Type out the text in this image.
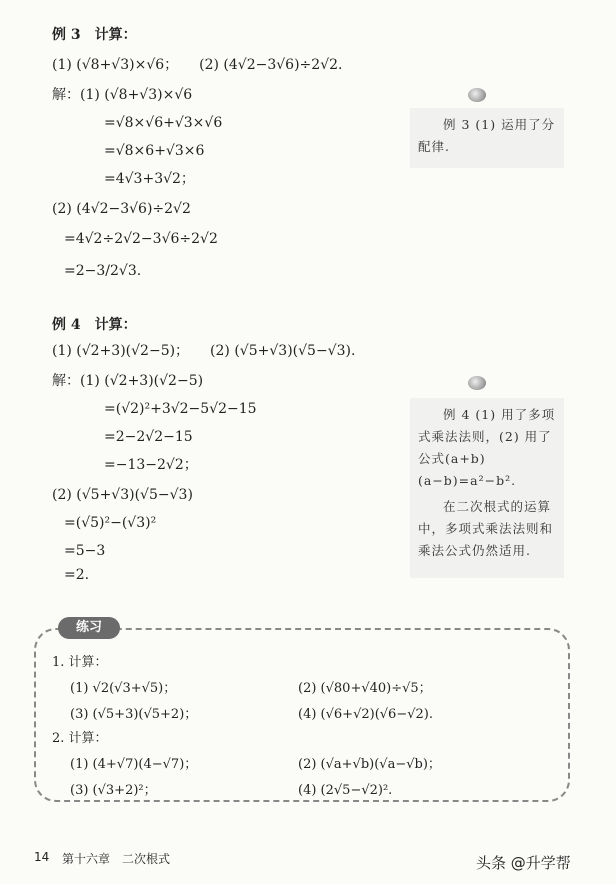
例 3　计算：
(1) (√8+√3)×√6；　　(2) (4√2−3√6)÷2√2.
解：(1) (√8+√3)×√6
=√8×√6+√3×√6
=√8×6+√3×6
=4√3+3√2；
(2) (4√2−3√6)÷2√2
=4√2÷2√2−3√6÷2√2
=2−3/2√3.

例 3 (1) 运用了分配律.

例 4　计算：
(1) (√2+3)(√2−5)；　　(2) (√5+√3)(√5−√3).
解：(1) (√2+3)(√2−5)
=(√2)²+3√2−5√2−15
=2−2√2−15
=−13−2√2；
(2) (√5+√3)(√5−√3)
=(√5)²−(√3)²
=5−3
=2.

例 4 (1) 用了多项式乘法法则，(2) 用了公式(a+b)(a−b)=a²−b².

在二次根式的运算中，多项式乘法法则和乘法公式仍然适用.

练习
1. 计算：
(1) √2(√3+√5)；	(2) (√80+√40)÷√5；
(3) (√5+3)(√5+2)；	(4) (√6+√2)(√6−√2).
2. 计算：
(1) (4+√7)(4−√7)；	(2) (√a+√b)(√a−√b)；
(3) (√3+2)²；	(4) (2√5−√2)².
14 第十六章　二次根式	头条 @升学帮
